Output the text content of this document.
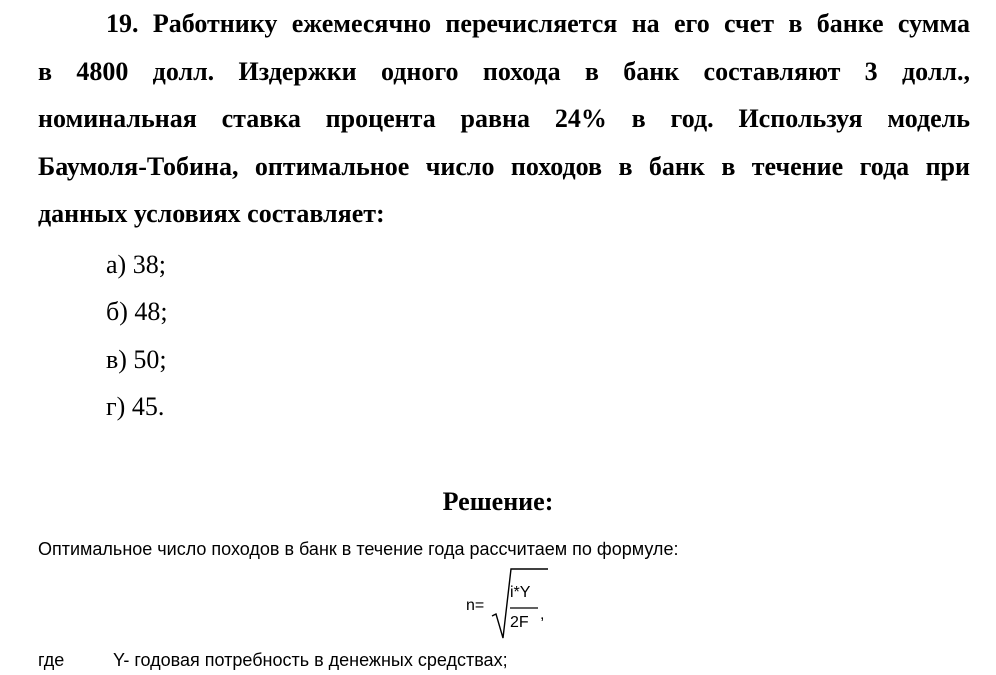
19. Работнику ежемесячно перечисляется на его счет в банке сумма
в 4800 долл. Издержки одного похода в банк составляют 3 долл.,
номинальная ставка процента равна 24% в год. Используя модель
Баумоля-Тобина, оптимальное число походов в банк в течение года при
данных условиях составляет:
а) 38;
б) 48;
в) 50;
г) 45.
Решение:
Оптимальное число походов в банк в течение года рассчитаем по формуле:
n=
i*Y
2F ,
где	Y- годовая потребность в денежных средствах;
